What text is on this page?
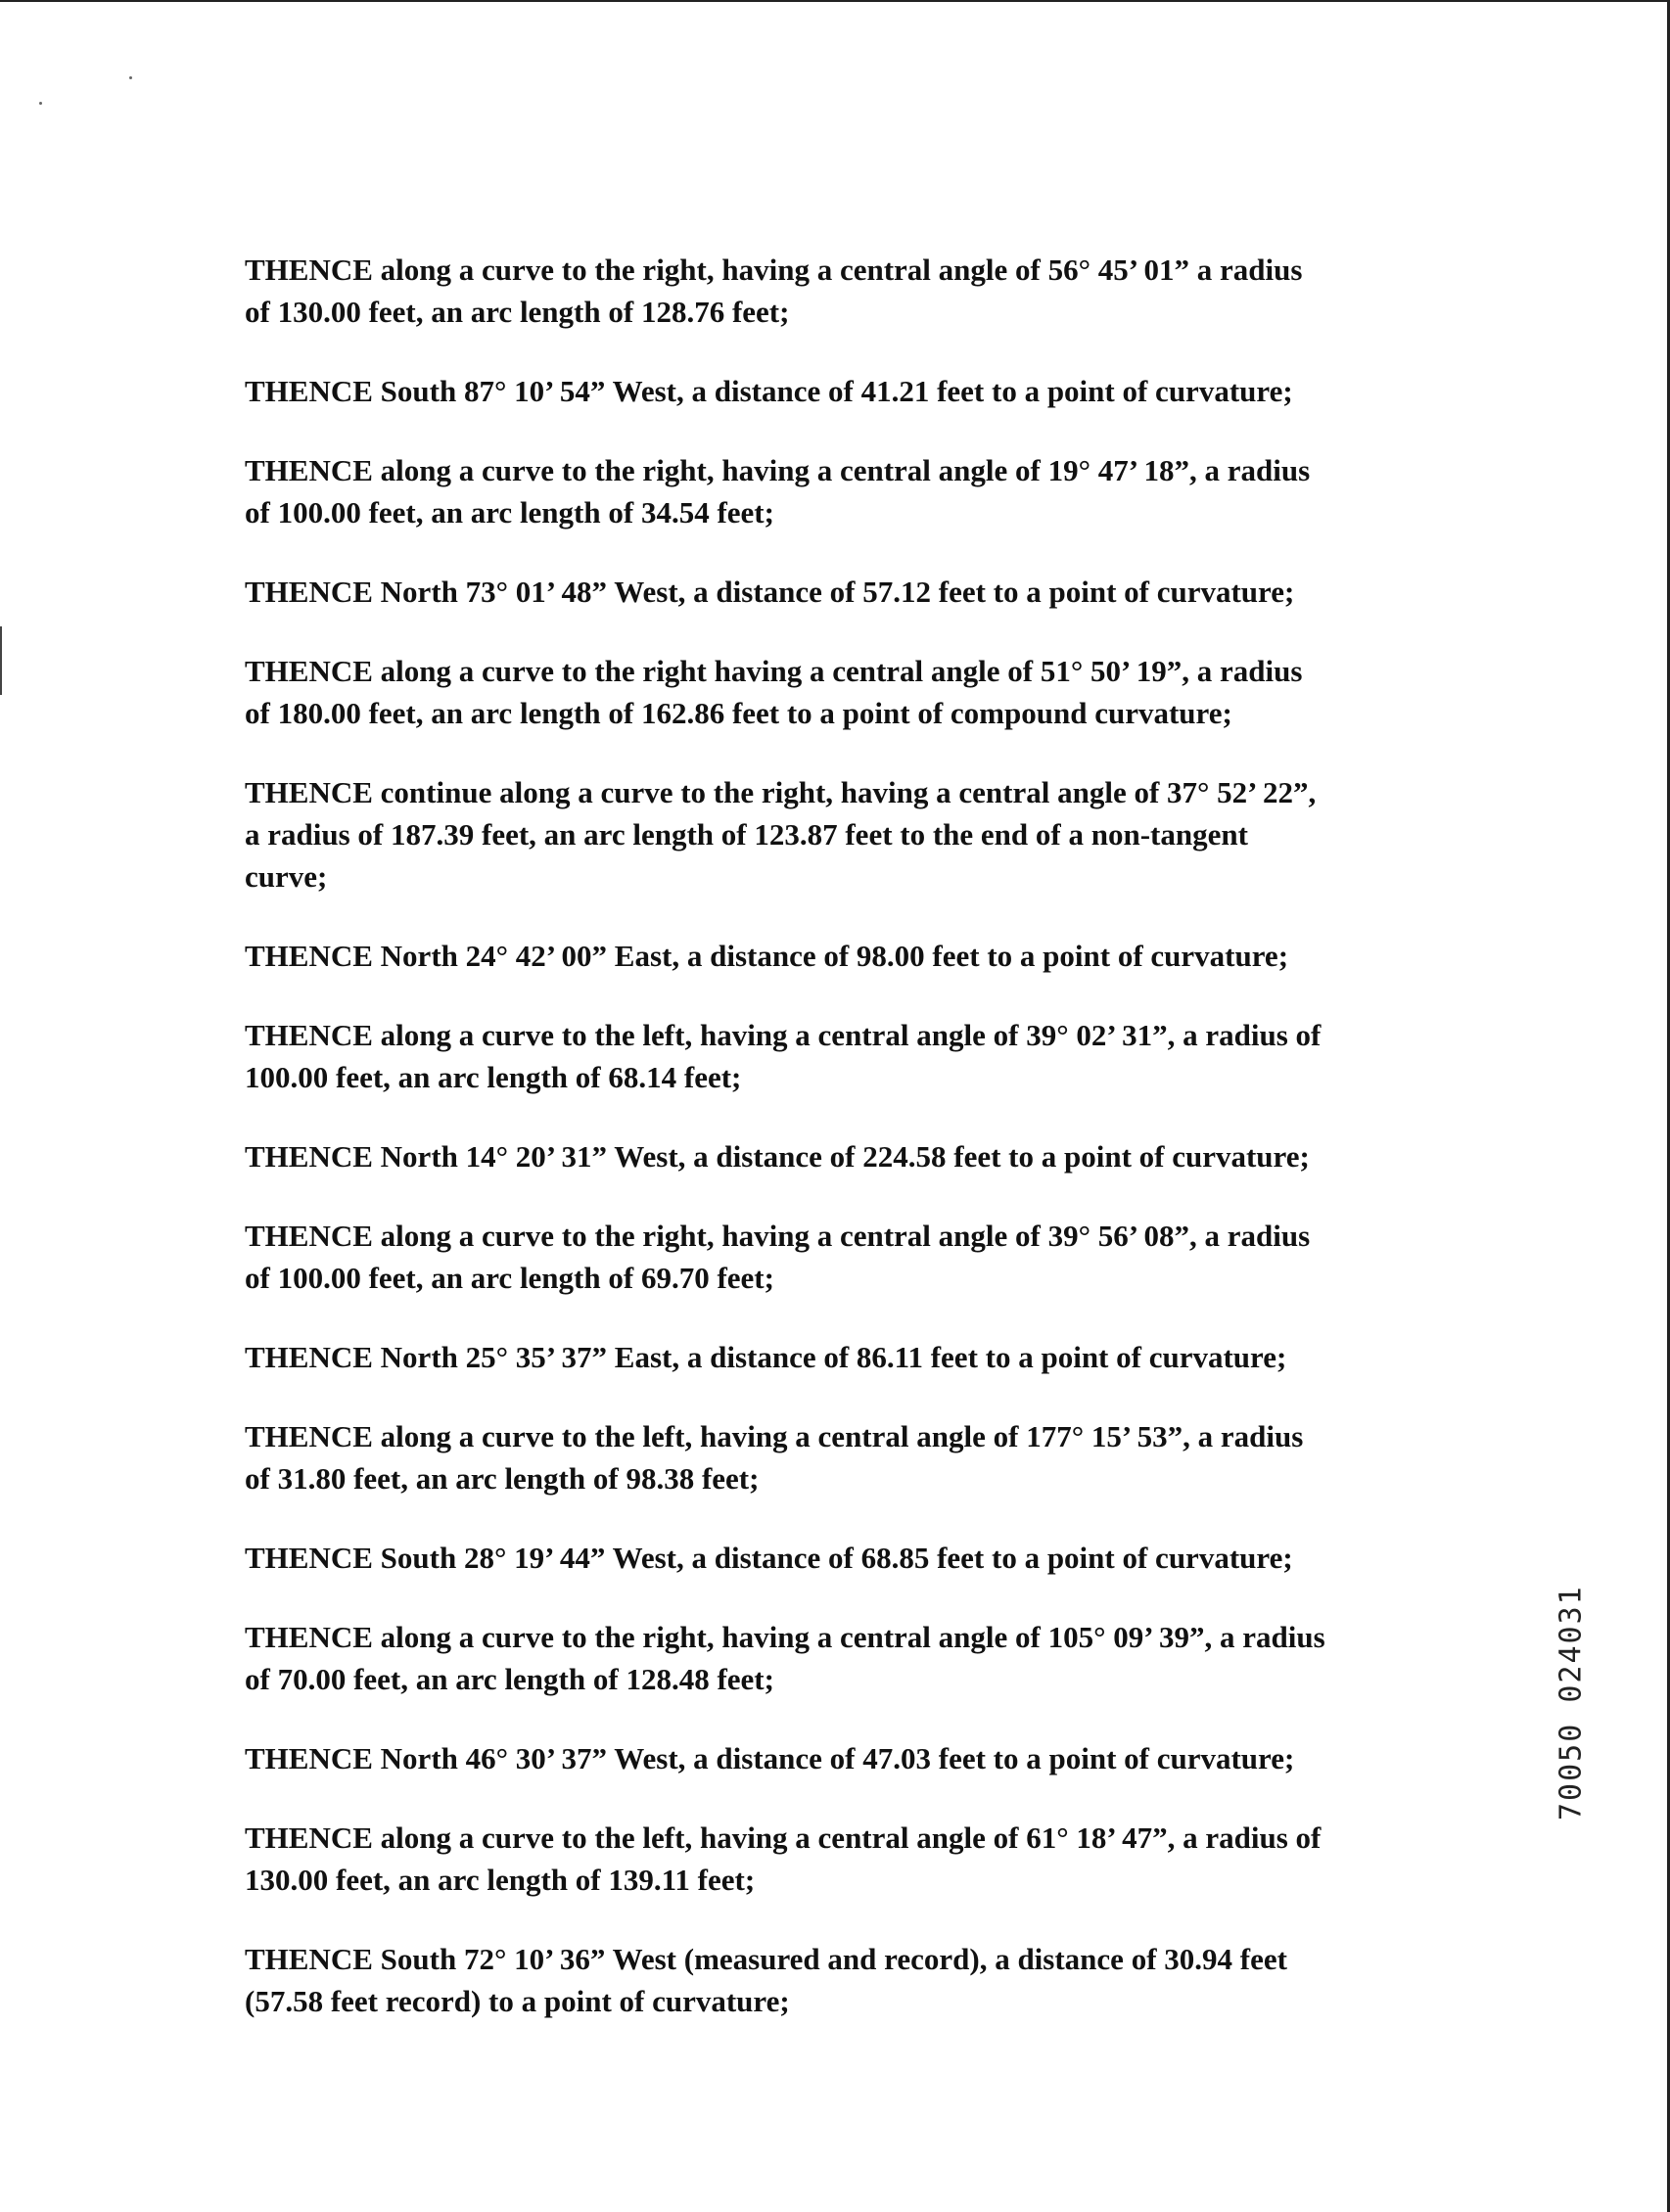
THENCE along a curve to the right, having a central angle of 56° 45’ 01” a radius
of 130.00 feet, an arc length of 128.76 feet;

THENCE South 87° 10’ 54” West, a distance of 41.21 feet to a point of curvature;

THENCE along a curve to the right, having a central angle of 19° 47’ 18”, a radius
of 100.00 feet, an arc length of 34.54 feet;

THENCE North 73° 01’ 48” West, a distance of 57.12 feet to a point of curvature;

THENCE along a curve to the right having a central angle of 51° 50’ 19”, a radius
of 180.00 feet, an arc length of 162.86 feet to a point of compound curvature;

THENCE continue along a curve to the right, having a central angle of 37° 52’ 22”,
a radius of 187.39 feet, an arc length of 123.87 feet to the end of a non-tangent
curve;

THENCE North 24° 42’ 00” East, a distance of 98.00 feet to a point of curvature;

THENCE along a curve to the left, having a central angle of 39° 02’ 31”, a radius of
100.00 feet, an arc length of 68.14 feet;

THENCE North 14° 20’ 31” West, a distance of 224.58 feet to a point of curvature;

THENCE along a curve to the right, having a central angle of 39° 56’ 08”, a radius
of 100.00 feet, an arc length of 69.70 feet;

THENCE North 25° 35’ 37” East, a distance of 86.11 feet to a point of curvature;

THENCE along a curve to the left, having a central angle of 177° 15’ 53”, a radius
of 31.80 feet, an arc length of 98.38 feet;

THENCE South 28° 19’ 44” West, a distance of 68.85 feet to a point of curvature;

THENCE along a curve to the right, having a central angle of 105° 09’ 39”, a radius
of 70.00 feet, an arc length of 128.48 feet;

THENCE North 46° 30’ 37” West, a distance of 47.03 feet to a point of curvature;

THENCE along a curve to the left, having a central angle of 61° 18’ 47”, a radius of
130.00 feet, an arc length of 139.11 feet;

THENCE South 72° 10’ 36” West (measured and record), a distance of 30.94 feet
(57.58 feet record) to a point of curvature;

70050 024031
